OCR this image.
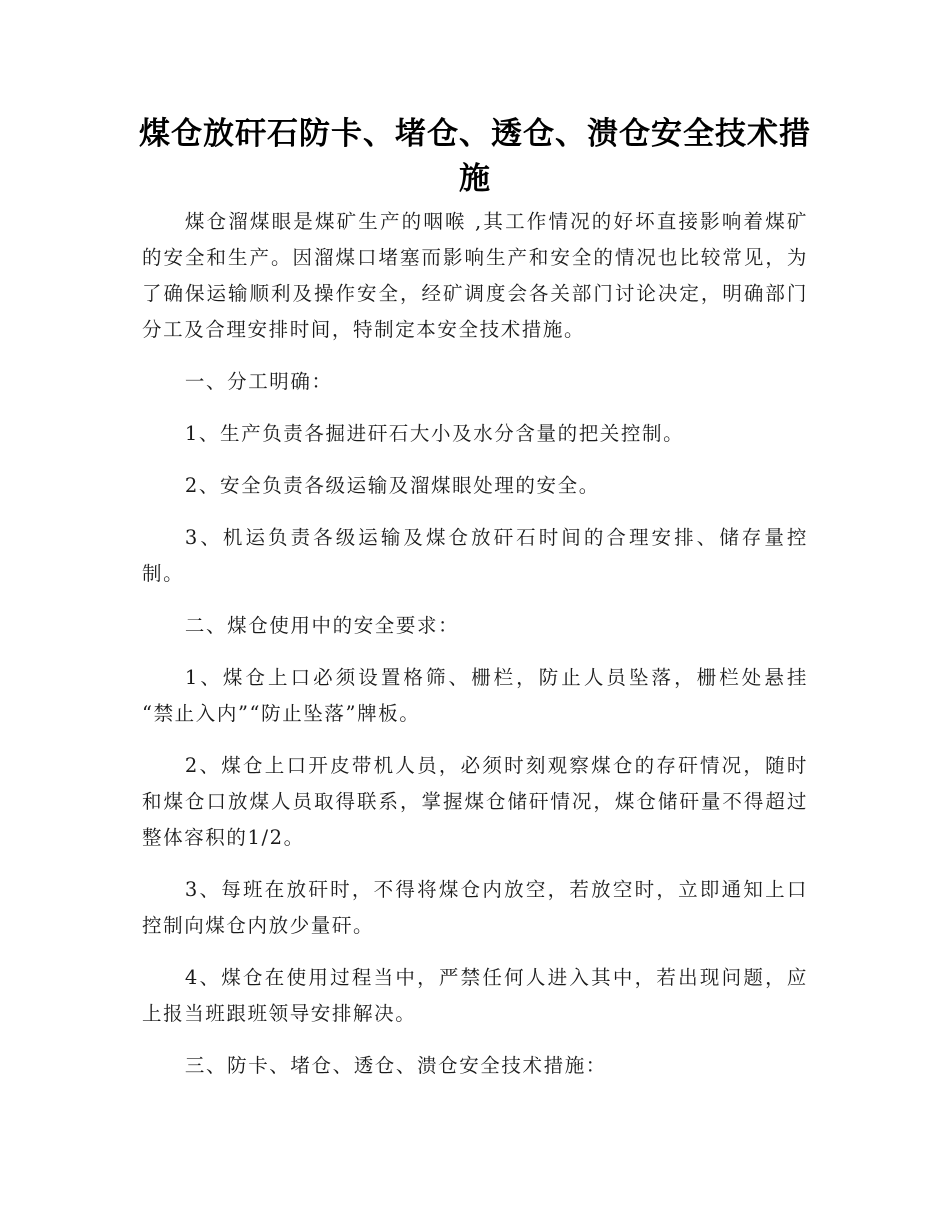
煤仓放矸石防卡、堵仓、透仓、溃仓安全技术措施

煤仓溜煤眼是煤矿生产的咽喉 ,其工作情况的好坏直接影响着煤矿的安全和生产。因溜煤口堵塞而影响生产和安全的情况也比较常见，为了确保运输顺利及操作安全，经矿调度会各关部门讨论决定，明确部门分工及合理安排时间，特制定本安全技术措施。

一、分工明确：

1、生产负责各掘进矸石大小及水分含量的把关控制。

2、安全负责各级运输及溜煤眼处理的安全。

3、机运负责各级运输及煤仓放矸石时间的合理安排、储存量控制。

二、煤仓使用中的安全要求：

1、煤仓上口必须设置格筛、栅栏，防止人员坠落，栅栏处悬挂 “禁止入内”“防止坠落”牌板。

2、煤仓上口开皮带机人员，必须时刻观察煤仓的存矸情况，随时和煤仓口放煤人员取得联系，掌握煤仓储矸情况，煤仓储矸量不得超过整体容积的1/2。

3、每班在放矸时，不得将煤仓内放空，若放空时，立即通知上口控制向煤仓内放少量矸。

4、煤仓在使用过程当中，严禁任何人进入其中，若出现问题，应上报当班跟班领导安排解决。

三、防卡、堵仓、透仓、溃仓安全技术措施：
